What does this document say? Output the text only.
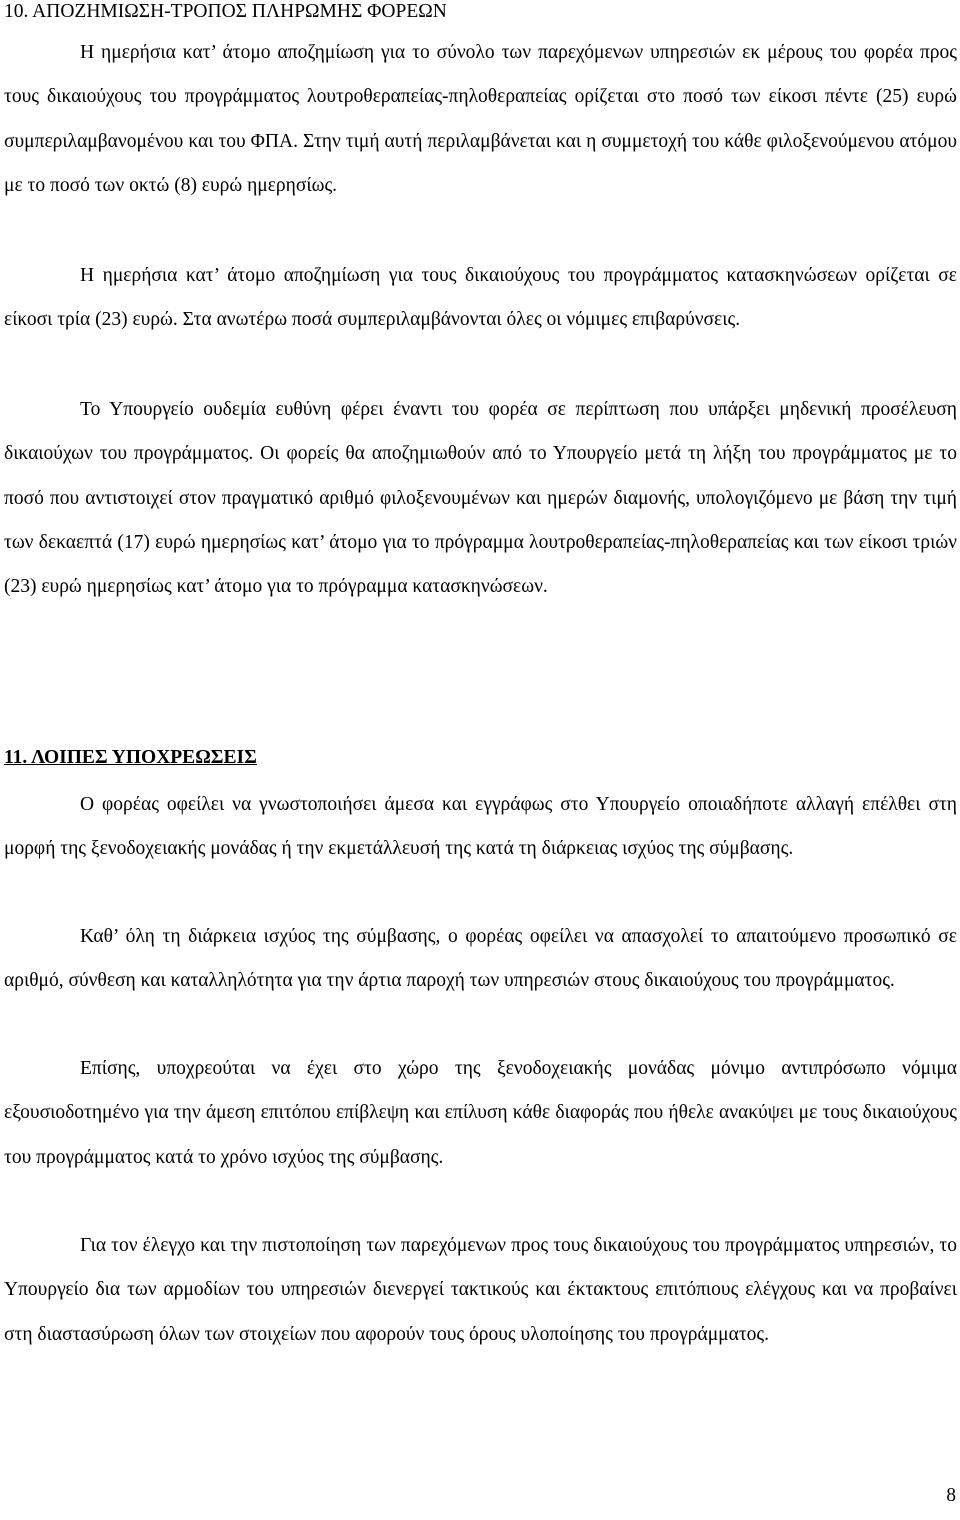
10. ΑΠΟΖΗΜΙΩΣΗ-ΤΡΟΠΟΣ ΠΛΗΡΩΜΗΣ ΦΟΡΕΩΝ

Η ημερήσια κατ’ άτομο αποζημίωση για το σύνολο των παρεχόμενων υπηρεσιών εκ μέρους του φορέα προς τους δικαιούχους του προγράμματος λουτροθεραπείας-πηλοθεραπείας ορίζεται στο ποσό των είκοσι πέντε (25) ευρώ συμπεριλαμβανομένου και του ΦΠΑ. Στην τιμή αυτή περιλαμβάνεται και η συμμετοχή του κάθε φιλοξενούμενου ατόμου με το ποσό των οκτώ (8) ευρώ ημερησίως.

Η ημερήσια κατ’ άτομο αποζημίωση για τους δικαιούχους του προγράμματος κατασκηνώσεων ορίζεται σε είκοσι τρία (23) ευρώ. Στα ανωτέρω ποσά συμπεριλαμβάνονται όλες οι νόμιμες επιβαρύνσεις.

Το Υπουργείο ουδεμία ευθύνη φέρει έναντι του φορέα σε περίπτωση που υπάρξει μηδενική προσέλευση δικαιούχων του προγράμματος. Οι φορείς θα αποζημιωθούν από το Υπουργείο μετά τη λήξη του προγράμματος με το ποσό που αντιστοιχεί στον πραγματικό αριθμό φιλοξενουμένων και ημερών διαμονής, υπολογιζόμενο με βάση την τιμή των δεκαεπτά (17) ευρώ ημερησίως κατ’ άτομο για το πρόγραμμα λουτροθεραπείας-πηλοθεραπείας και των είκοσι τριών (23) ευρώ ημερησίως κατ’ άτομο για το πρόγραμμα κατασκηνώσεων.

11. ΛΟΙΠΕΣ ΥΠΟΧΡΕΩΣΕΙΣ

Ο φορέας οφείλει να γνωστοποιήσει άμεσα και εγγράφως στο Υπουργείο οποιαδήποτε αλλαγή επέλθει στη μορφή της ξενοδοχειακής μονάδας ή την εκμετάλλευσή της κατά τη διάρκειας ισχύος της σύμβασης.

Καθ’ όλη τη διάρκεια ισχύος της σύμβασης, ο φορέας οφείλει να απασχολεί το απαιτούμενο προσωπικό σε αριθμό, σύνθεση και καταλληλότητα για την άρτια παροχή των υπηρεσιών στους δικαιούχους του προγράμματος.

Επίσης, υποχρεούται να έχει στο χώρο της ξενοδοχειακής μονάδας μόνιμο αντιπρόσωπο νόμιμα εξουσιοδοτημένο για την άμεση επιτόπου επίβλεψη και επίλυση κάθε διαφοράς που ήθελε ανακύψει με τους δικαιούχους του προγράμματος κατά το χρόνο ισχύος της σύμβασης.

Για τον έλεγχο και την πιστοποίηση των παρεχόμενων προς τους δικαιούχους του προγράμματος υπηρεσιών, το Υπουργείο δια των αρμοδίων του υπηρεσιών διενεργεί τακτικούς και έκτακτους επιτόπιους ελέγχους και να προβαίνει στη διαστασύρωση όλων των στοιχείων που αφορούν τους όρους υλοποίησης του προγράμματος.

8
